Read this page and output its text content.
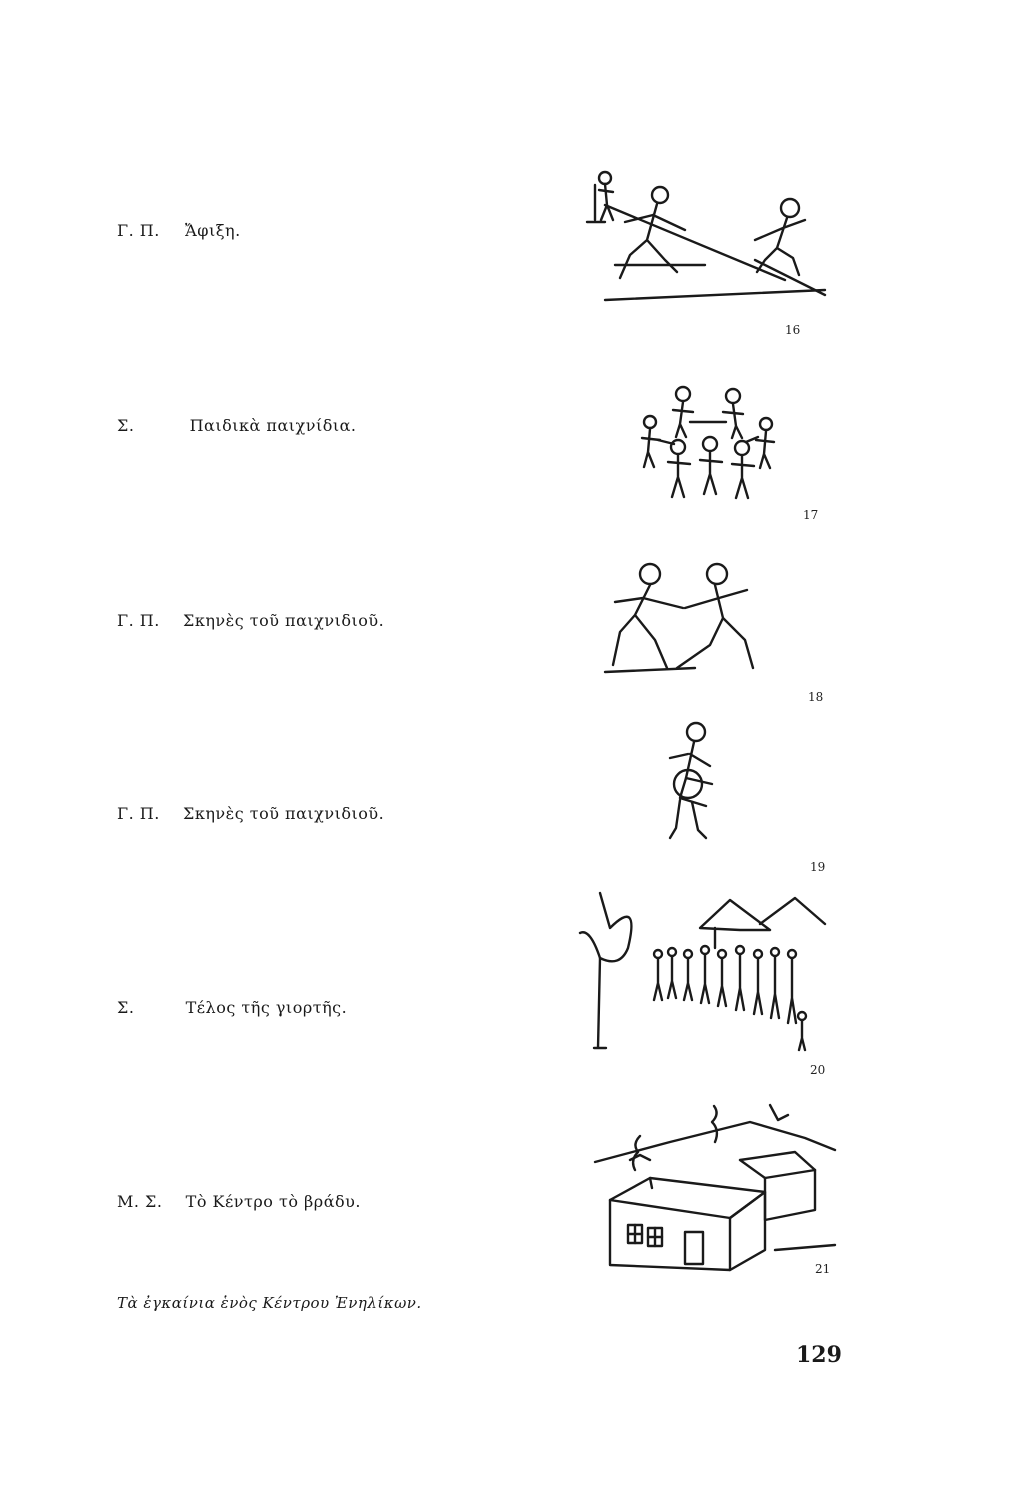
Γ. Π. Ἄφιξη.
Σ.	Παιδικὰ παιχνίδια.
Γ. Π. Σκηνὲς τοῦ παιχνιδιοῦ.
Γ. Π. Σκηνὲς τοῦ παιχνιδιοῦ.
Σ.	Τέλος τῆς γιορτῆς.
Μ. Σ. Τὸ Κέντρο τὸ βράδυ.
16
17
18
19
20
21
Τὰ ἐγκαίνια ἑνὸς Κέντρου Ἐνηλίκων.
129
